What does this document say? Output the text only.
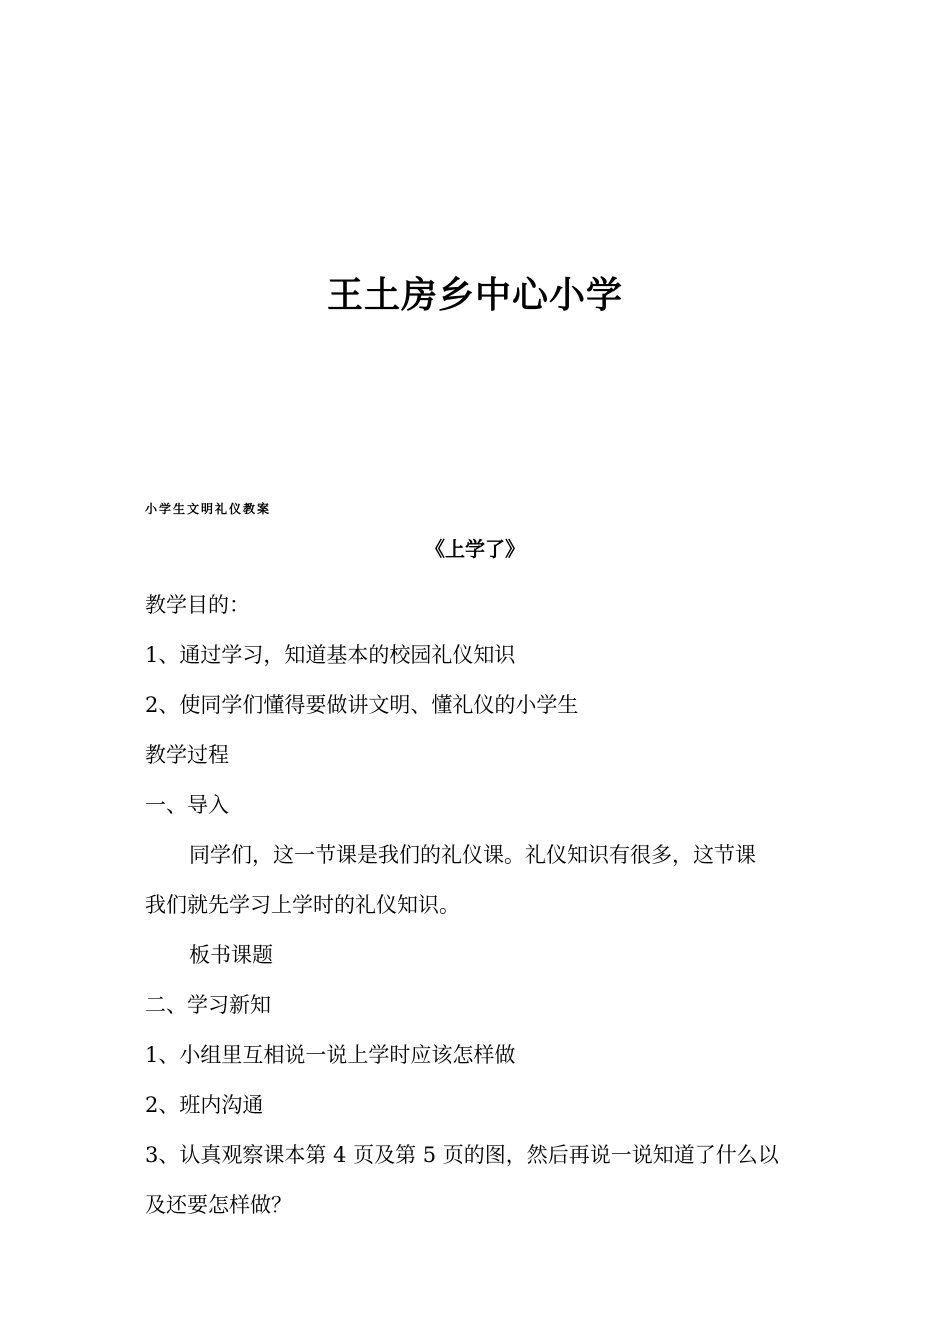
王土房乡中心小学
小学生文明礼仪教案
《上学了》

教学目的：

1、通过学习，知道基本的校园礼仪知识

2、使同学们懂得要做讲文明、懂礼仪的小学生

教学过程

一、导入

同学们，这一节课是我们的礼仪课。礼仪知识有很多，这节课

我们就先学习上学时的礼仪知识。

板书课题

二、学习新知

1、小组里互相说一说上学时应该怎样做

2、班内沟通

3、认真观察课本第 4 页及第 5 页的图，然后再说一说知道了什么以

及还要怎样做？
